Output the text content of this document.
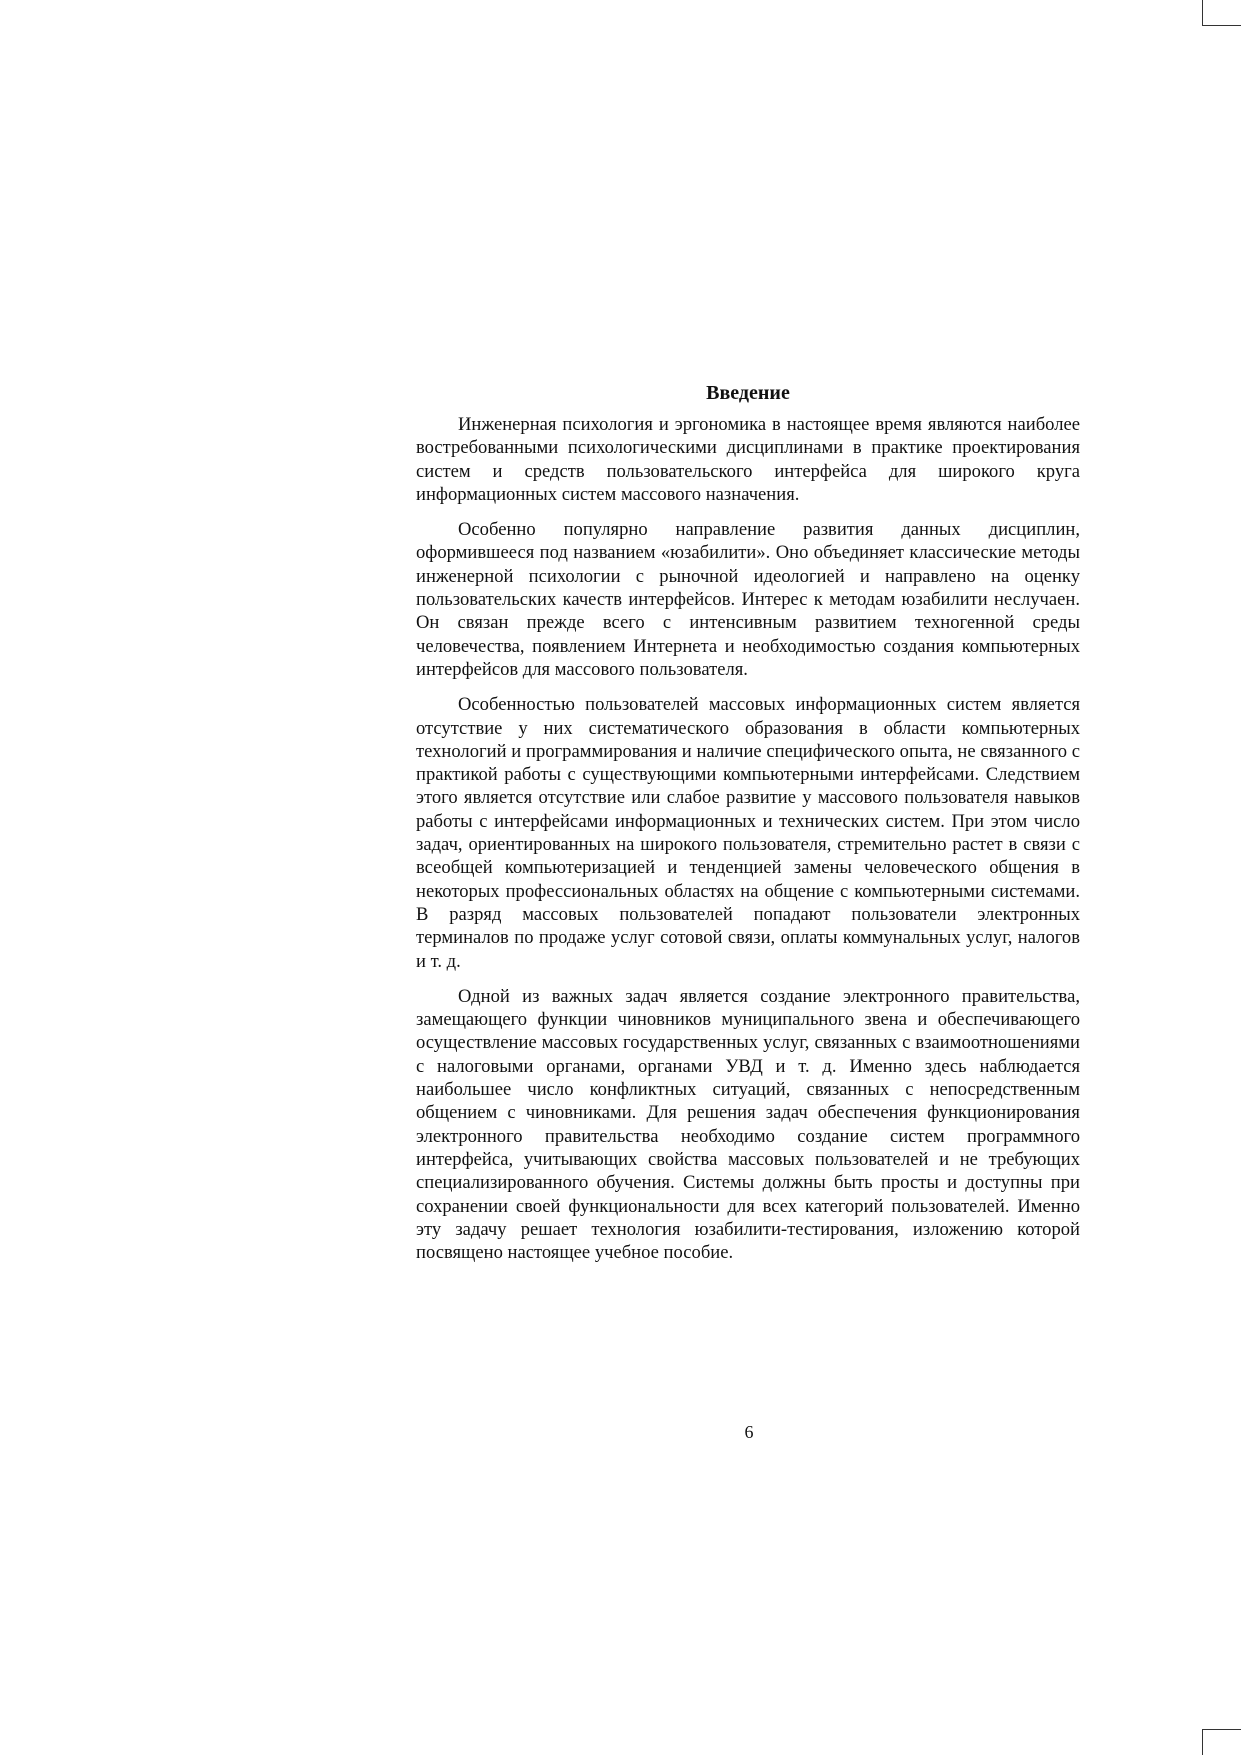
Введение

Инженерная психология и эргономика в настоящее время являются наиболее востребованными психологическими дисциплинами в практике проектирования систем и средств пользовательского интерфейса для широкого круга информационных систем массового назначения.

Особенно популярно направление развития данных дисциплин, оформившееся под названием «юзабилити». Оно объединяет классические методы инженерной психологии с рыночной идеологией и направлено на оценку пользовательских качеств интерфейсов. Интерес к методам юзабилити неслучаен. Он связан прежде всего с интенсивным развитием техногенной среды человечества, появлением Интернета и необходимостью создания компьютерных интерфейсов для массового пользователя.

Особенностью пользователей массовых информационных систем является отсутствие у них систематического образования в области компьютерных технологий и программирования и наличие специфического опыта, не связанного с практикой работы с существующими компьютерными интерфейсами. Следствием этого является отсутствие или слабое развитие у массового пользователя навыков работы с интерфейсами информационных и технических систем. При этом число задач, ориентированных на широкого пользователя, стремительно растет в связи с всеобщей компьютеризацией и тенденцией замены человеческого общения в некоторых профессиональных областях на общение с компьютерными системами. В разряд массовых пользователей попадают пользователи электронных терминалов по продаже услуг сотовой связи, оплаты коммунальных услуг, налогов и т. д.

Одной из важных задач является создание электронного правительства, замещающего функции чиновников муниципального звена и обеспечивающего осуществление массовых государственных услуг, связанных с взаимоотношениями с налоговыми органами, органами УВД и т. д. Именно здесь наблюдается наибольшее число конфликтных ситуаций, связанных с непосредственным общением с чиновниками. Для решения задач обеспечения функционирования электронного правительства необходимо создание систем программного интерфейса, учитывающих свойства массовых пользователей и не требующих специализированного обучения. Системы должны быть просты и доступны при сохранении своей функциональности для всех категорий пользователей. Именно эту задачу решает технология юзабилити-тестирования, изложению которой посвящено настоящее учебное пособие.

6
